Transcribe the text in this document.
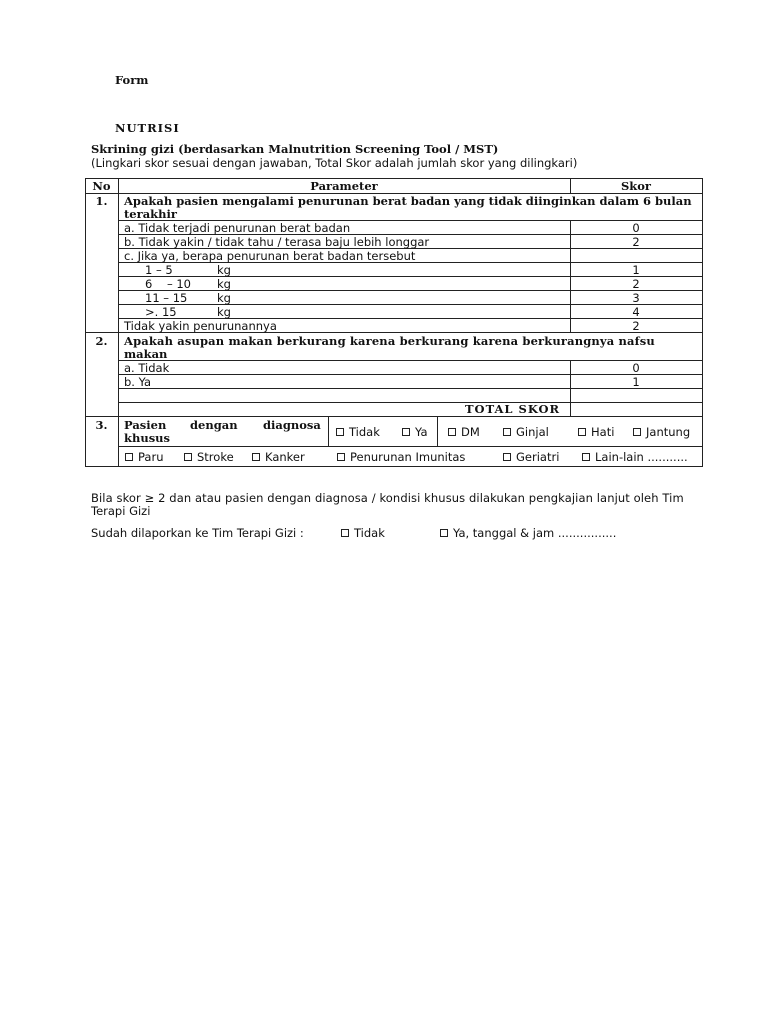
Form
NUTRISI
Skrining gizi (berdasarkan Malnutrition Screening Tool / MST)
(Lingkari skor sesuai dengan jawaban, Total Skor adalah jumlah skor yang dilingkari)
No	Parameter	Skor
1.	Apakah pasien mengalami penurunan berat badan yang tidak diinginkan dalam 6 bulan
terakhir
a. Tidak terjadi penurunan berat badan	0
b. Tidak yakin / tidak tahu / terasa baju lebih longgar	2
c. Jika ya, berapa penurunan berat badan tersebut
1 – 5	kg	1
6    – 10 kg	2
11 – 15	kg	3
>. 15	kg	4
Tidak yakin penurunannya	2
2.	Apakah asupan makan berkurang karena berkurang karena berkurangnya nafsu
makan
a. Tidak	0
b. Ya	1
TOTAL SKOR
3.	Pasien dengan diagnosa
khusus	Tidak	Ya	DM	Ginjal	Hati	Jantung
Paru	Stroke	Kanker	Penurunan Imunitas	Geriatri	Lain-lain ...........
Bila skor ≥ 2 dan atau pasien dengan diagnosa / kondisi khusus dilakukan pengkajian lanjut oleh Tim
Terapi Gizi
Sudah dilaporkan ke Tim Terapi Gizi :	Tidak	Ya, tanggal & jam ................
